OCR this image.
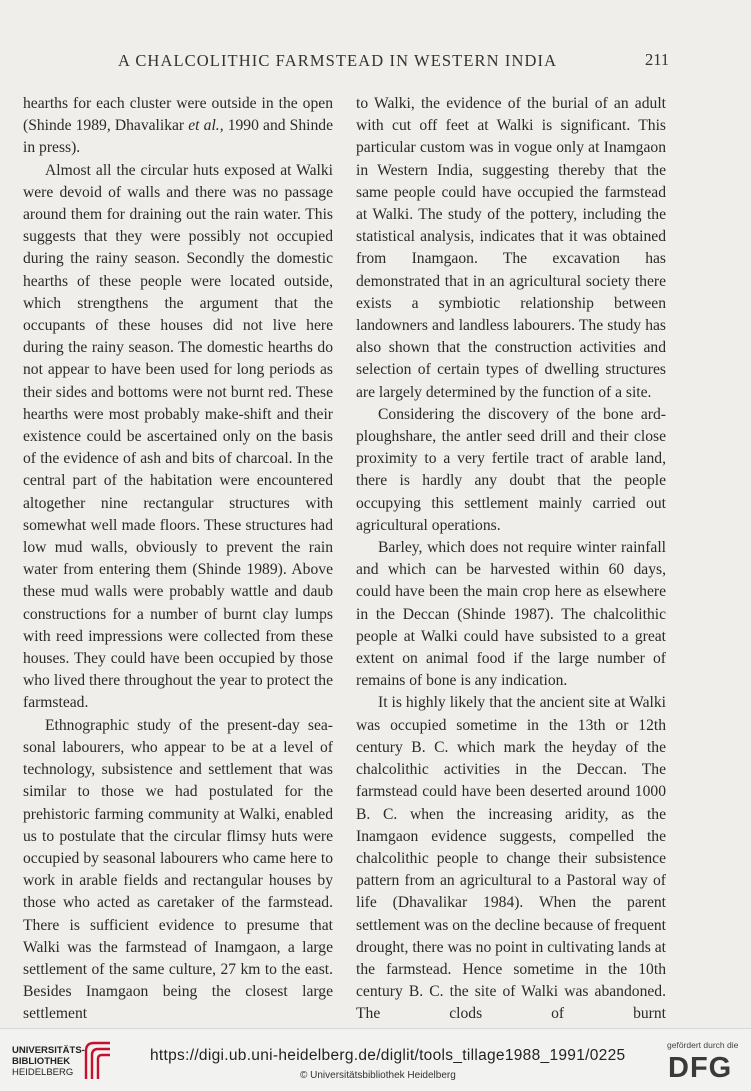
A CHALCOLITHIC FARMSTEAD IN WESTERN INDIA	211

hearths for each cluster were outside in the open (Shinde 1989, Dhavalikar et al., 1990 and Shinde in press).

Almost all the circular huts exposed at Walki were devoid of walls and there was no passage around them for draining out the rain water. This suggests that they were possibly not occupied during the rainy season. Secondly the domestic hearths of these people were located outside, which strengthens the argument that the occupants of these houses did not live here during the rainy season. The domestic hearths do not appear to have been used for long periods as their sides and bottoms were not burnt red. These hearths were most probably make-shift and their existence could be ascertained only on the basis of the evidence of ash and bits of charcoal. In the central part of the habitation were encountered altogether nine rectangular structures with somewhat well made floors. These structures had low mud walls, obviously to prevent the rain water from entering them (Shinde 1989). Above these mud walls were probably wattle and daub constructions for a number of burnt clay lumps with reed impressions were collected from these houses. They could have been occupied by those who lived there throughout the year to protect the farmstead.

Ethnographic study of the present-day seasonal labourers, who appear to be at a level of technology, subsistence and settlement that was similar to those we had postulated for the prehistoric farming community at Walki, enabled us to postulate that the circular flimsy huts were occupied by seasonal labourers who came here to work in arable fields and rectangular houses by those who acted as caretaker of the farmstead. There is sufficient evidence to presume that Walki was the farmstead of Inamgaon, a large settlement of the same culture, 27 km to the east. Besides Inamgaon being the closest large settlement

to Walki, the evidence of the burial of an adult with cut off feet at Walki is significant. This particular custom was in vogue only at Inamgaon in Western India, suggesting thereby that the same people could have occupied the farmstead at Walki. The study of the pottery, including the statistical analysis, indicates that it was obtained from Inamgaon. The excavation has demonstrated that in an agricultural society there exists a symbiotic relationship between landowners and landless labourers. The study has also shown that the construction activities and selection of certain types of dwelling structures are largely determined by the function of a site.

Considering the discovery of the bone ard-ploughshare, the antler seed drill and their close proximity to a very fertile tract of arable land, there is hardly any doubt that the people occupying this settlement mainly carried out agricultural operations.

Barley, which does not require winter rainfall and which can be harvested within 60 days, could have been the main crop here as elsewhere in the Deccan (Shinde 1987). The chalcolithic people at Walki could have subsisted to a great extent on animal food if the large number of remains of bone is any indication.

It is highly likely that the ancient site at Walki was occupied sometime in the 13th or 12th century B. C. which mark the heyday of the chalcolithic activities in the Deccan. The farmstead could have been deserted around 1000 B. C. when the increasing aridity, as the Inamgaon evidence suggests, compelled the chalcolithic people to change their subsistence pattern from an agricultural to a Pastoral way of life (Dhavalikar 1984). When the parent settlement was on the decline because of frequent drought, there was no point in cultivating lands at the farmstead. Hence sometime in the 10th century B. C. the site of Walki was abandoned. The clods of burnt

UNIVERSITÄTS-
BIBLIOTHEK
HEIDELBERG
https://digi.ub.uni-heidelberg.de/diglit/tools_tillage1988_1991/0225
© Universitätsbibliothek Heidelberg
gefördert durch die
DFG
